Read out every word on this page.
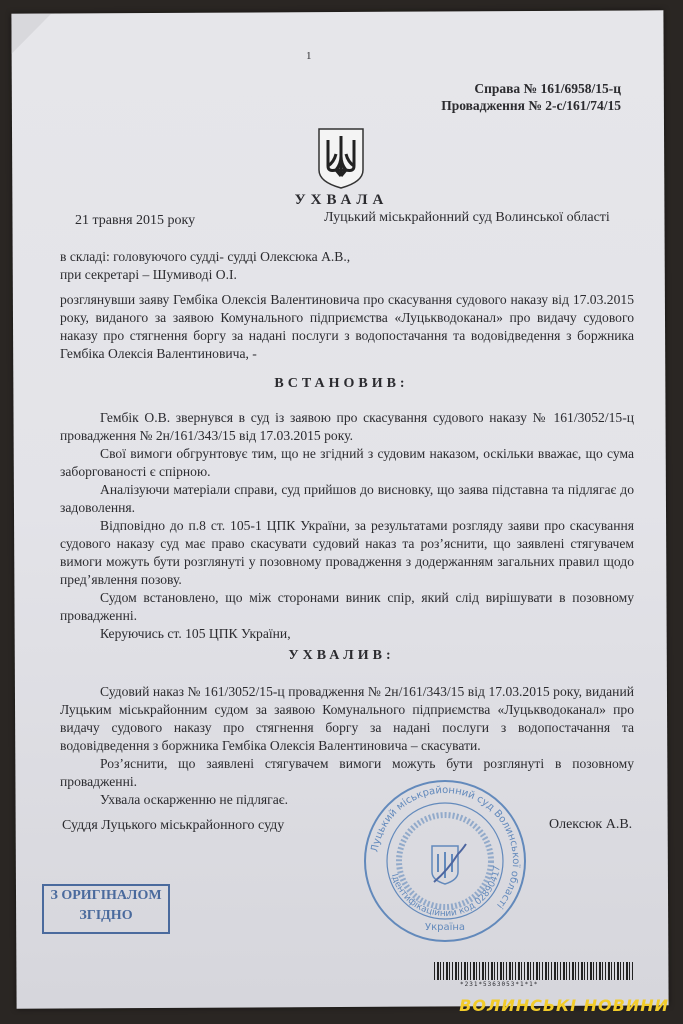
1
Справа № 161/6958/15-ц
Провадження № 2-с/161/74/15
УХВАЛА
21 травня 2015 року	Луцький міськрайонний суд Волинської області

в складі: головуючого судді- судді Олексюка А.В.,

при секретарі – Шумиводі О.І.

розглянувши заяву Гембіка Олексія Валентиновича про скасування судового наказу від 17.03.2015 року, виданого за заявою Комунального підприємства «Луцькводоканал» про видачу судового наказу про стягнення боргу за надані послуги з водопостачання та водовідведення з боржника Гембіка Олексія Валентиновича, -

ВСТАНОВИВ:

Гембік О.В. звернувся в суд із заявою про скасування судового наказу № 161/3052/15-ц провадження № 2н/161/343/15 від 17.03.2015 року.

Свої вимоги обгрунтовує тим, що не згідний з судовим наказом, оскільки вважає, що сума заборгованості є спірною.

Аналізуючи матеріали справи, суд прийшов до висновку, що заява підставна та підлягає до задоволення.

Відповідно до п.8 ст. 105-1 ЦПК України, за результатами розгляду заяви про скасування судового наказу суд має право скасувати судовий наказ та роз’яснити, що заявлені стягувачем вимоги можуть бути розглянуті у позовному провадження з додержанням загальних правил щодо пред’явлення позову.

Судом встановлено, що між сторонами виник спір, який слід вирішувати в позовному провадженні.

Керуючись ст. 105 ЦПК України,

УХВАЛИВ:

Судовий наказ № 161/3052/15-ц провадження № 2н/161/343/15 від 17.03.2015 року, виданий Луцьким міськрайонним судом за заявою Комунального підприємства «Луцькводоканал» про видачу судового наказу про стягнення боргу за надані послуги з водопостачання та водовідведення з боржника Гембіка Олексія Валентиновича – скасувати.

Роз’яснити, що заявлені стягувачем вимоги можуть бути розглянуті в позовному провадженні.

Ухвала оскарженню не підлягає.

Суддя Луцького міськрайонного суду	Олексюк А.В.
Луцький міськрайонний суд Волинської області
Ідентифікаційний код 02890417
Україна
З ОРИГІНАЛОМ
ЗГІДНО
*231*5363053*1*1*
ВОЛИНСЬКІ НОВИНИ
